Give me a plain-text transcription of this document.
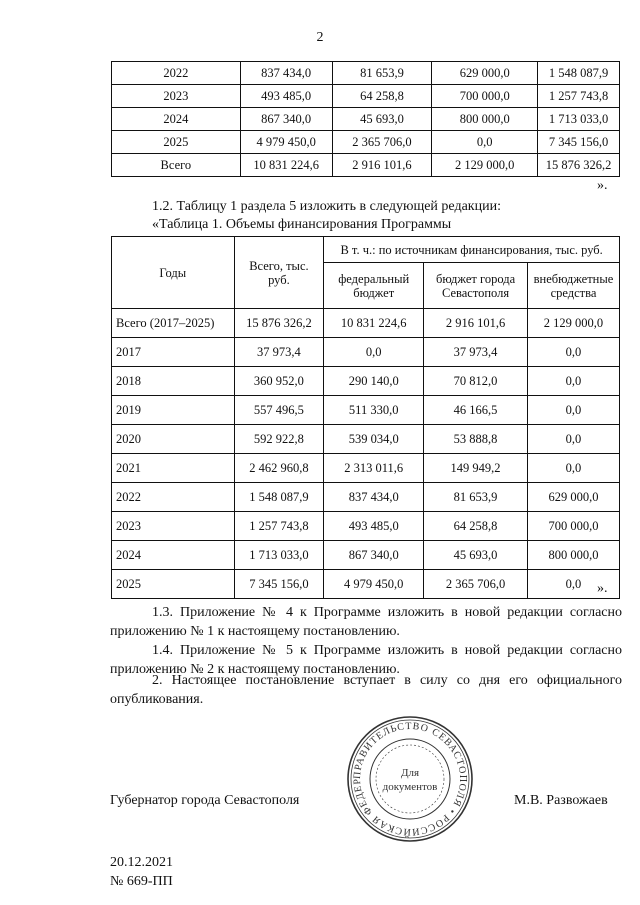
2
2022	837 434,0	81 653,9	629 000,0	1 548 087,9
2023	493 485,0	64 258,8	700 000,0	1 257 743,8
2024	867 340,0	45 693,0	800 000,0	1 713 033,0
2025	4 979 450,0	2 365 706,0	0,0	7 345 156,0
Всего	10 831 224,6	2 916 101,6	2 129 000,0	15 876 326,2
».
1.2. Таблицу 1 раздела 5 изложить в следующей редакции:
«Таблица 1. Объемы финансирования Программы
Годы	Всего, тыс. руб.	В т. ч.: по источникам финансирования, тыс. руб.		
		федеральный бюджет	бюджет города Севастополя	внебюджетные средства
Всего (2017–2025)	15 876 326,2	10 831 224,6	2 916 101,6	2 129 000,0
2017	37 973,4	0,0	37 973,4	0,0
2018	360 952,0	290 140,0	70 812,0	0,0
2019	557 496,5	511 330,0	46 166,5	0,0
2020	592 922,8	539 034,0	53 888,8	0,0
2021	2 462 960,8	2 313 011,6	149 949,2	0,0
2022	1 548 087,9	837 434,0	81 653,9	629 000,0
2023	1 257 743,8	493 485,0	64 258,8	700 000,0
2024	1 713 033,0	867 340,0	45 693,0	800 000,0
2025	7 345 156,0	4 979 450,0	2 365 706,0	0,0 ».
1.3. Приложение № 4 к Программе изложить в новой редакции согласно приложению № 1 к настоящему постановлению.
1.4. Приложение № 5 к Программе изложить в новой редакции согласно приложению № 2 к настоящему постановлению.
2. Настоящее постановление вступает в силу со дня его официального опубликования.
ПРАВИТЕЛЬСТВО СЕВАСТОПОЛЯ • РОССИЙСКАЯ ФЕДЕР
Для
документов
Губернатор города Севастополя	М.В. Развожаев
20.12.2021
№ 669-ПП
